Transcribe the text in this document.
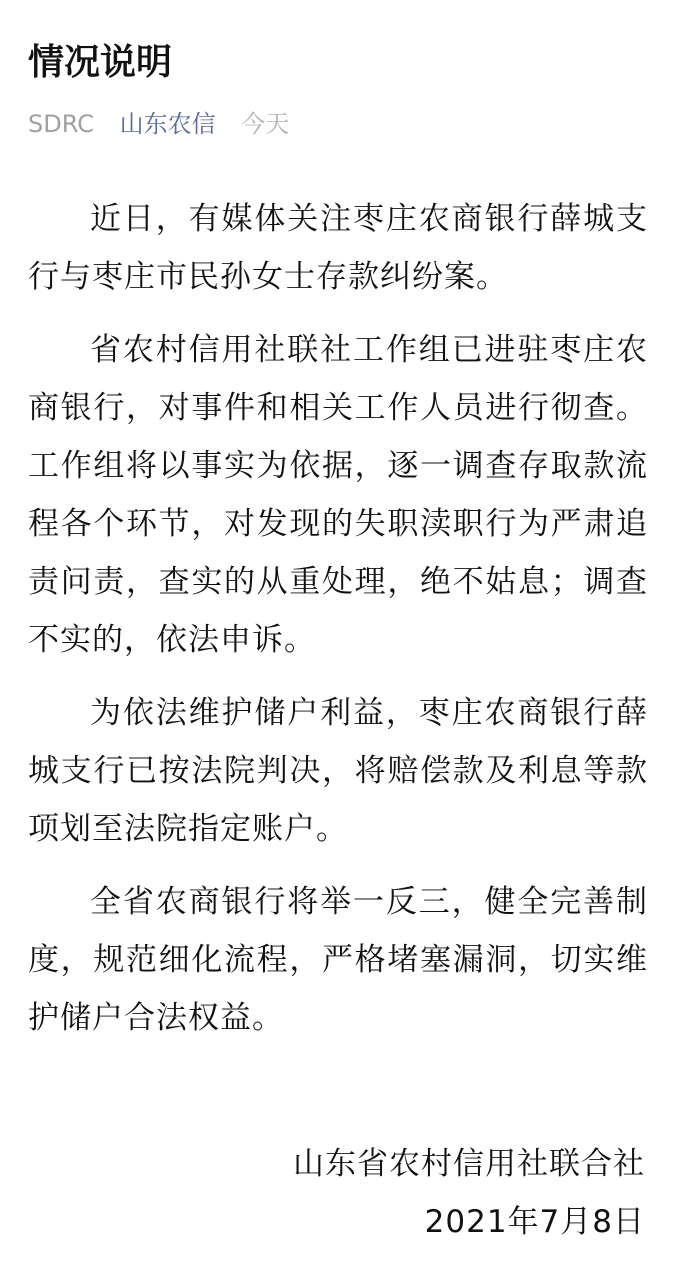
情况说明
SDRC 山东农信 今天

近日，有媒体关注枣庄农商银行薛城支行与枣庄市民孙女士存款纠纷案。

省农村信用社联社工作组已进驻枣庄农商银行，对事件和相关工作人员进行彻查。工作组将以事实为依据，逐一调查存取款流程各个环节，对发现的失职渎职行为严肃追责问责，查实的从重处理，绝不姑息；调查不实的，依法申诉。

为依法维护储户利益，枣庄农商银行薛城支行已按法院判决，将赔偿款及利息等款项划至法院指定账户。

全省农商银行将举一反三，健全完善制度，规范细化流程，严格堵塞漏洞，切实维护储户合法权益。

山东省农村信用社联合社
2021年7月8日
